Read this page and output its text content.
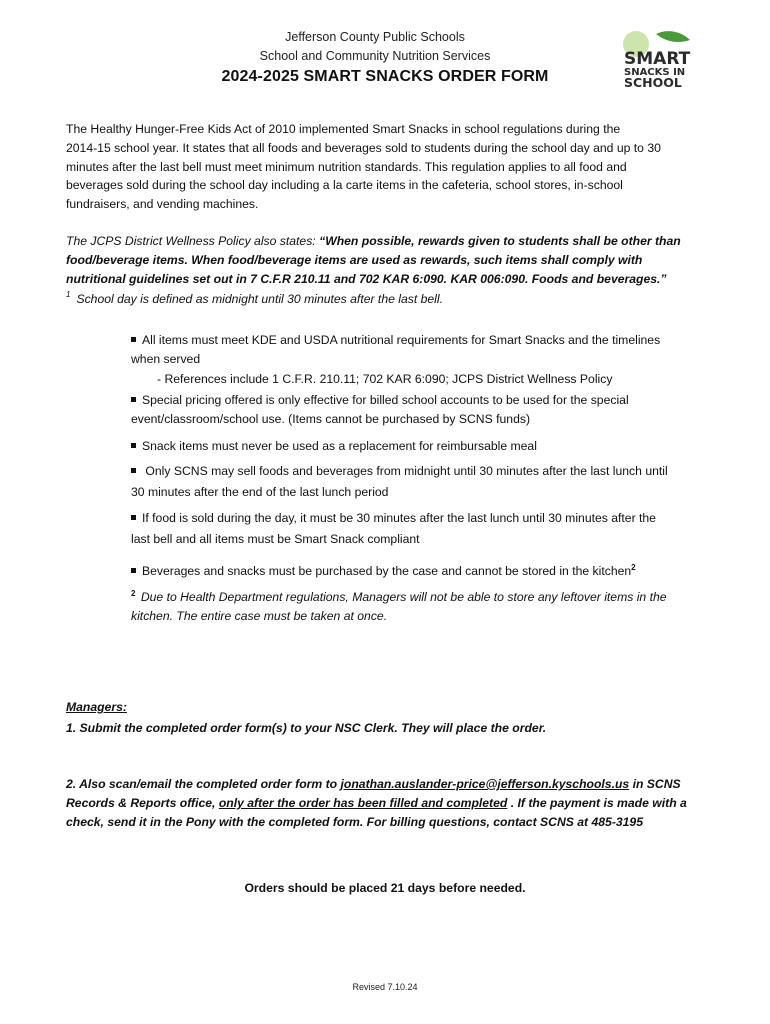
Jefferson County Public Schools
School and Community Nutrition Services
2024-2025 SMART SNACKS ORDER FORM
SMART
SNACKS IN
SCHOOL
The Healthy Hunger-Free Kids Act of 2010 implemented Smart Snacks in school regulations during the
2014-15 school year. It states that all foods and beverages sold to students during the school day and up to 30
minutes after the last bell must meet minimum nutrition standards. This regulation applies to all food and
beverages sold during the school day including a la carte items in the cafeteria, school stores, in-school
fundraisers, and vending machines.
The JCPS District Wellness Policy also states: “When possible, rewards given to students shall be other than
food/beverage items. When food/beverage items are used as rewards, such items shall comply with
nutritional guidelines set out in 7 C.F.R 210.11 and 702 KAR 6:090. KAR 006:090. Foods and beverages.”
$^1$ School day is defined as midnight until 30 minutes after the last bell.
All items must meet KDE and USDA nutritional requirements for Smart Snacks and the timelines
when served
- References include 1 C.F.R. 210.11; 702 KAR 6:090; JCPS District Wellness Policy
Special pricing offered is only effective for billed school accounts to be used for the special
event/classroom/school use. (Items cannot be purchased by SCNS funds)
Snack items must never be used as a replacement for reimbursable meal
Only SCNS may sell foods and beverages from midnight until 30 minutes after the last lunch until
30 minutes after the end of the last lunch period
If food is sold during the day, it must be 30 minutes after the last lunch until 30 minutes after the
last bell and all items must be Smart Snack compliant
Beverages and snacks must be purchased by the case and cannot be stored in the kitchen$^2$
$^2$ Due to Health Department regulations, Managers will not be able to store any leftover items in the
kitchen. The entire case must be taken at once.
Managers:
1. Submit the completed order form(s) to your NSC Clerk. They will place the order.
2. Also scan/email the completed order form to jonathan.auslander-price@jefferson.kyschools.us in SCNS
Records & Reports office, only after the order has been filled and completed . If the payment is made with a
check, send it in the Pony with the completed form. For billing questions, contact SCNS at 485-3195
Orders should be placed 21 days before needed.
Revised 7.10.24
